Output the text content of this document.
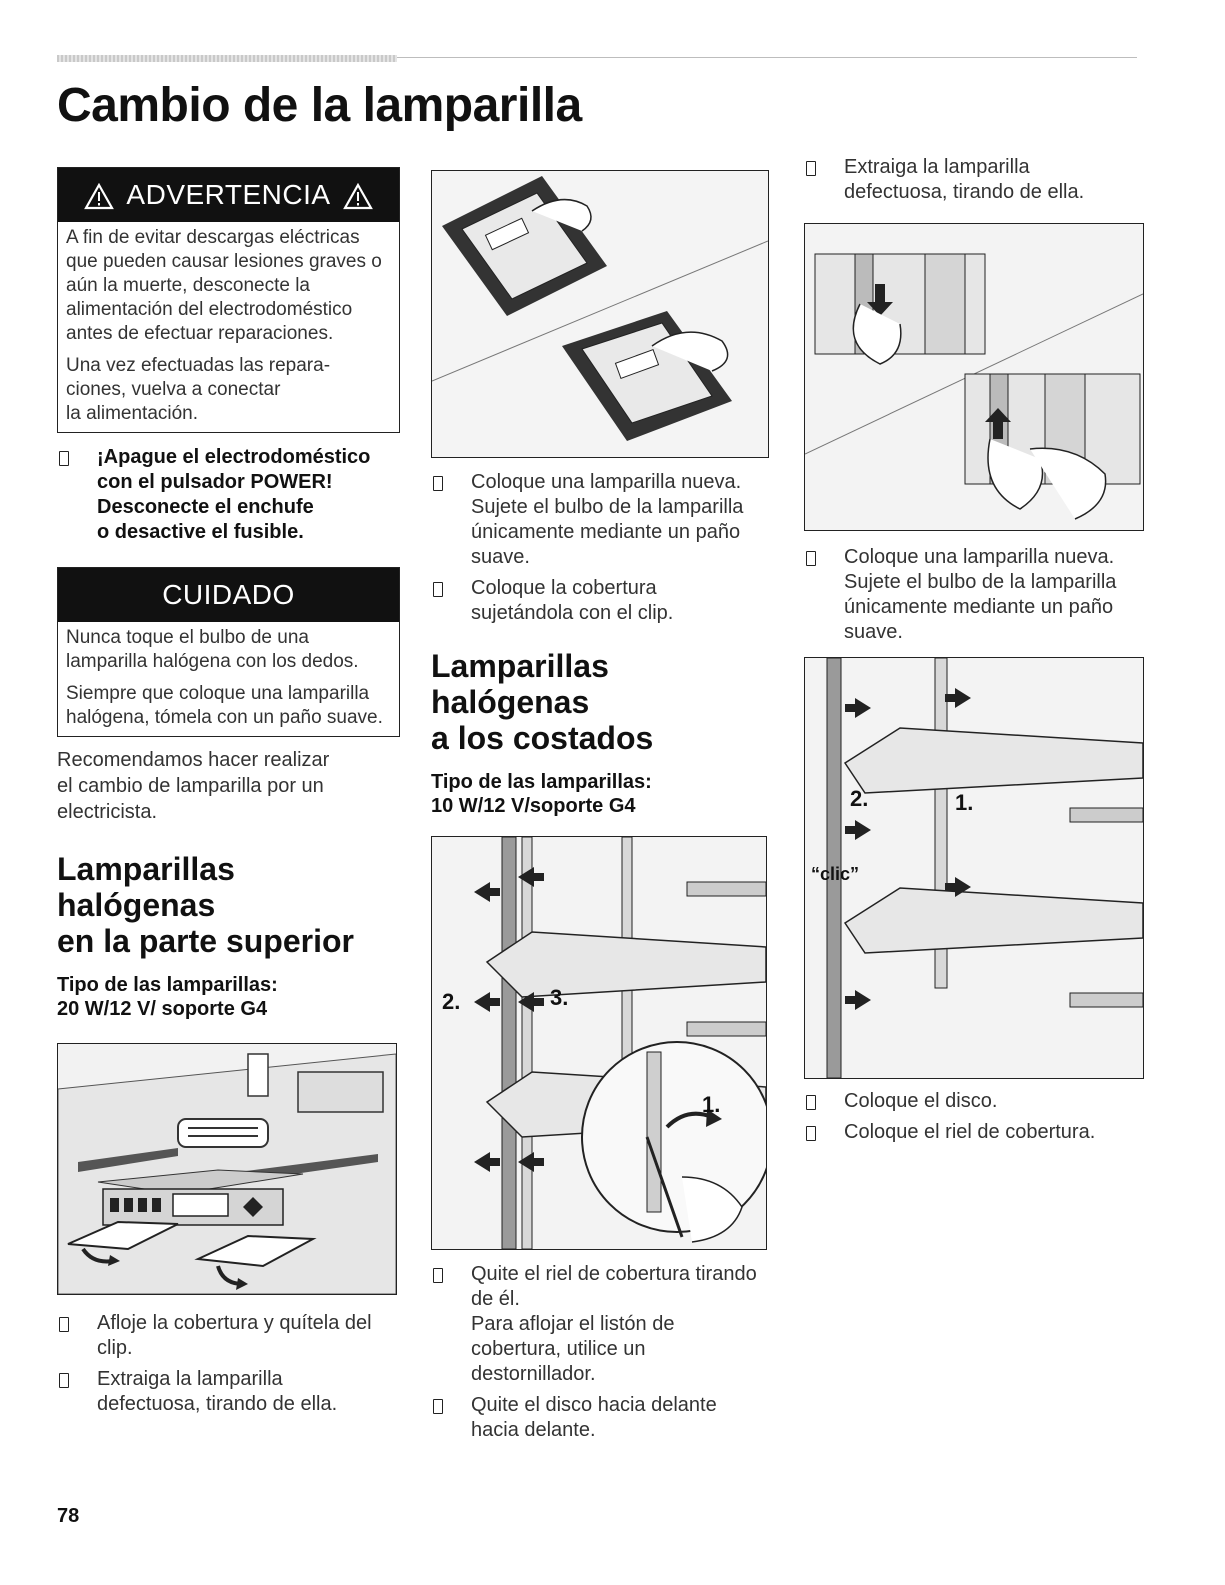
Cambio de la lamparilla
ADVERTENCIA

A fin de evitar descargas eléctricas que pueden causar lesiones graves o aún la muerte, desconecte la alimentación del electrodoméstico antes de efectuar reparaciones.

Una vez efectuadas las repara-
ciones, vuelva a conectar
la alimentación.

¡Apague el electrodoméstico
con el pulsador POWER!
Desconecte el enchufe
o desactive el fusible.
CUIDADO

Nunca toque el bulbo de una lamparilla halógena con los dedos.

Siempre que coloque una lamparilla halógena, tómela con un paño suave.

Recomendamos hacer realizar
el cambio de lamparilla por un
electricista.

Lamparillas halógenas
en la parte superior

Tipo de las lamparillas:
20 W/12 V/ soporte G4

Afloje la cobertura y quítela del
clip.
Extraiga la lamparilla
defectuosa, tirando de ella.
Coloque una lamparilla nueva.
Sujete el bulbo de la lamparilla
únicamente mediante un paño
suave.
Coloque la cobertura
sujetándola con el clip.
Lamparillas halógenas
a los costados

Tipo de las lamparillas:
10 W/12 V/soporte G4

2.	3.
1.
Quite el riel de cobertura tirando
de él.
Para aflojar el listón de
cobertura, utilice un
destornillador.
Quite el disco hacia delante
hacia delante.
Extraiga la lamparilla
defectuosa, tirando de ella.
Coloque una lamparilla nueva.
Sujete el bulbo de la lamparilla
únicamente mediante un paño
suave.
2.	1.
“clic”
Coloque el disco.
Coloque el riel de cobertura.
78
